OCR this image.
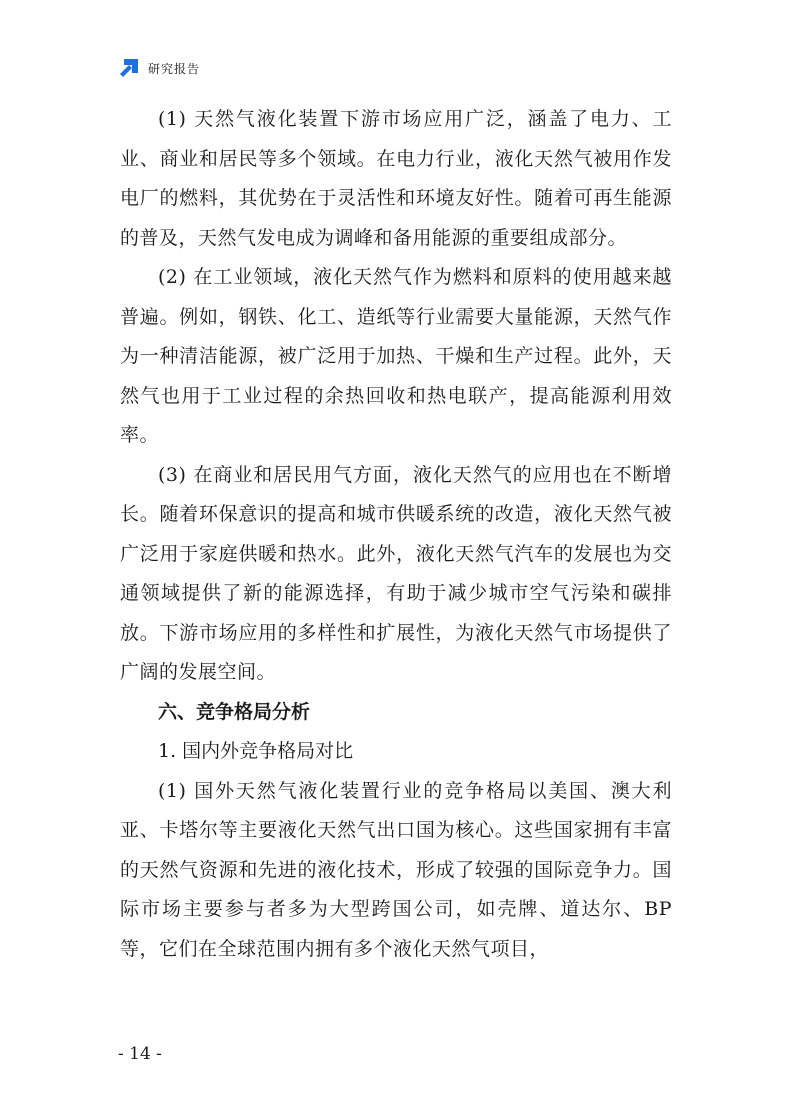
研究报告

(1) 天然气液化装置下游市场应用广泛，涵盖了电力、工业、商业和居民等多个领域。在电力行业，液化天然气被用作发电厂的燃料，其优势在于灵活性和环境友好性。随着可再生能源的普及，天然气发电成为调峰和备用能源的重要组成部分。

(2) 在工业领域，液化天然气作为燃料和原料的使用越来越普遍。例如，钢铁、化工、造纸等行业需要大量能源，天然气作为一种清洁能源，被广泛用于加热、干燥和生产过程。此外，天然气也用于工业过程的余热回收和热电联产，提高能源利用效率。

(3) 在商业和居民用气方面，液化天然气的应用也在不断增长。随着环保意识的提高和城市供暖系统的改造，液化天然气被广泛用于家庭供暖和热水。此外，液化天然气汽车的发展也为交通领域提供了新的能源选择，有助于减少城市空气污染和碳排放。下游市场应用的多样性和扩展性，为液化天然气市场提供了广阔的发展空间。

六、竞争格局分析

1. 国内外竞争格局对比

(1) 国外天然气液化装置行业的竞争格局以美国、澳大利亚、卡塔尔等主要液化天然气出口国为核心。这些国家拥有丰富的天然气资源和先进的液化技术，形成了较强的国际竞争力。国际市场主要参与者多为大型跨国公司，如壳牌、道达尔、BP 等，它们在全球范围内拥有多个液化天然气项目，

- 14 -
